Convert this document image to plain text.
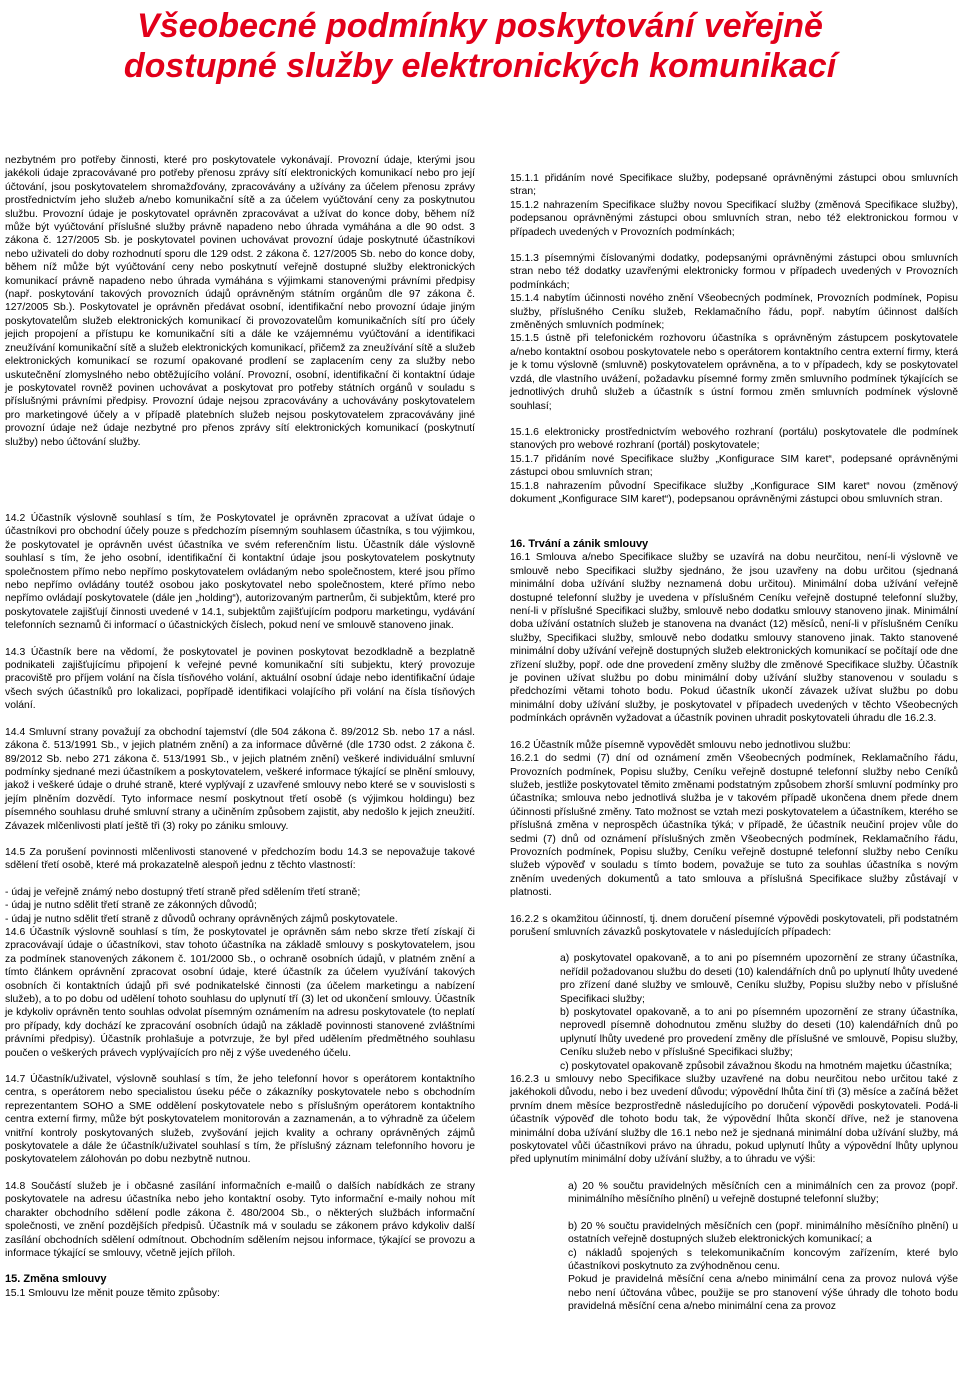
Všeobecné podmínky poskytování veřejně
dostupné služby elektronických komunikací

nezbytném pro potřeby činnosti, které pro poskytovatele vykonávají. Provozní údaje, kterými jsou jakékoli údaje zpracovávané pro potřeby přenosu zprávy sítí elektronických komunikací nebo pro její účtování, jsou poskytovatelem shromažďovány, zpracovávány a užívány za účelem přenosu zprávy prostřednictvím jeho služeb a/nebo komunikační sítě a za účelem vyúčtování ceny za poskytnutou službu. Provozní údaje je poskytovatel oprávněn zpracovávat a užívat do konce doby, během níž může být vyúčtování příslušné služby právně napadeno nebo úhrada vymáhána a dle 90 odst. 3 zákona č. 127/2005 Sb. je poskytovatel povinen uchovávat provozní údaje poskytnuté účastníkovi nebo uživateli do doby rozhodnutí sporu dle 129 odst. 2 zákona č. 127/2005 Sb. nebo do konce doby, během níž může být vyúčtování ceny nebo poskytnutí veřejně dostupné služby elektronických komunikací právně napadeno nebo úhrada vymáhána s výjimkami stanovenými právními předpisy (např. poskytování takových provozních údajů oprávněným státním orgánům dle 97 zákona č. 127/2005 Sb.). Poskytovatel je oprávněn předávat osobní, identifikační nebo provozní údaje jiným poskytovatelům služeb elektronických komunikací či provozovatelům komunikačních sítí pro účely jejich propojení a přístupu ke komunikační síti a dále ke vzájemnému vyúčtování a identifikaci zneužívání komunikační sítě a služeb elektronických komunikací, přičemž za zneužívání sítě a služeb elektronických komunikací se rozumí opakované prodlení se zaplacením ceny za služby nebo uskutečnění zlomyslného nebo obtěžujícího volání. Provozní, osobní, identifikační či kontaktní údaje je poskytovatel rovněž povinen uchovávat a poskytovat pro potřeby státních orgánů v souladu s příslušnými právními předpisy. Provozní údaje nejsou zpracovávány a uchovávány poskytovatelem pro marketingové účely a v případě platebních služeb nejsou poskytovatelem zpracovávány jiné provozní údaje než údaje nezbytné pro přenos zprávy sítí elektronických komunikací (poskytnutí služby) nebo účtování služby.

14.2 Účastník výslovně souhlasí s tím, že Poskytovatel je oprávněn zpracovat a užívat údaje o účastníkovi pro obchodní účely pouze s předchozím písemným souhlasem účastníka, s tou výjimkou, že poskytovatel je oprávněn uvést účastníka ve svém referenčním listu. Účastník dále výslovně souhlasí s tím, že jeho osobní, identifikační či kontaktní údaje jsou poskytovatelem poskytnuty společnostem přímo nebo nepřímo poskytovatelem ovládaným nebo společnostem, které jsou přímo nebo nepřímo ovládány toutéž osobou jako poskytovatel nebo společnostem, které přímo nebo nepřímo ovládají poskytovatele (dále jen „holding“), autorizovaným partnerům, či subjektům, které pro poskytovatele zajišťují činnosti uvedené v 14.1, subjektům zajišťujícím podporu marketingu, vydávání telefonních seznamů či informací o účastnických číslech, pokud není ve smlouvě stanoveno jinak.

14.3 Účastník bere na vědomí, že poskytovatel je povinen poskytovat bezodkladně a bezplatně podnikateli zajišťujícímu připojení k veřejné pevné komunikační síti subjektu, který provozuje pracoviště pro příjem volání na čísla tísňového volání, aktuální osobní údaje nebo identifikační údaje všech svých účastníků pro lokalizaci, popřípadě identifikaci volajícího při volání na čísla tísňových volání.

14.4 Smluvní strany považují za obchodní tajemství (dle 504 zákona č. 89/2012 Sb. nebo 17 a násl. zákona č. 513/1991 Sb., v jejich platném znění) a za informace důvěrné (dle 1730 odst. 2 zákona č. 89/2012 Sb. nebo 271 zákona č. 513/1991 Sb., v jejich platném znění) veškeré individuální smluvní podmínky sjednané mezi účastníkem a poskytovatelem, veškeré informace týkající se plnění smlouvy, jakož i veškeré údaje o druhé straně, které vyplývají z uzavřené smlouvy nebo které se v souvislosti s jejím plněním dozvědí. Tyto informace nesmí poskytnout třetí osobě (s výjimkou holdingu) bez písemného souhlasu druhé smluvní strany a učiněním způsobem zajistit, aby nedošlo k jejich zneužití. Závazek mlčenlivosti platí ještě tři (3) roky po zániku smlouvy.

14.5 Za porušení povinnosti mlčenlivosti stanovené v předchozím bodu 14.3 se nepovažuje takové sdělení třetí osobě, které má prokazatelně alespoň jednu z těchto vlastností:

- údaj je veřejně známý nebo dostupný třetí straně před sdělením třetí straně;

- údaj je nutno sdělit třetí straně ze zákonných důvodů;

- údaj je nutno sdělit třetí straně z důvodů ochrany oprávněných zájmů poskytovatele.

14.6 Účastník výslovně souhlasí s tím, že poskytovatel je oprávněn sám nebo skrze třetí získají či zpracovávají údaje o účastníkovi, stav tohoto účastníka na základě smlouvy s poskytovatelem, jsou za podmínek stanovených zákonem č. 101/2000 Sb., o ochraně osobních údajů, v platném znění a tímto článkem oprávnění zpracovat osobní údaje, které účastník za účelem využívání takových osobních či kontaktních údajů při své podnikatelské činnosti (za účelem marketingu a nabízení služeb), a to po dobu od udělení tohoto souhlasu do uplynutí tří (3) let od ukončení smlouvy. Účastník je kdykoliv oprávněn tento souhlas odvolat písemným oznámením na adresu poskytovatele (to neplatí pro případy, kdy dochází ke zpracování osobních údajů na základě povinnosti stanovené zvláštními právními předpisy). Účastník prohlašuje a potvrzuje, že byl před udělením předmětného souhlasu poučen o veškerých právech vyplývajících pro něj z výše uvedeného účelu.

14.7 Účastník/uživatel, výslovně souhlasí s tím, že jeho telefonní hovor s operátorem kontaktního centra, s operátorem nebo specialistou úseku péče o zákazníky poskytovatele nebo s obchodním reprezentantem SOHO a SME oddělení poskytovatele nebo s příslušným operátorem kontaktního centra externí firmy, může být poskytovatelem monitorován a zaznamenán, a to výhradně za účelem vnitřní kontroly poskytovaných služeb, zvyšování jejich kvality a ochrany oprávněných zájmů poskytovatele a dále že účastník/uživatel souhlasí s tím, že příslušný záznam telefonního hovoru je poskytovatelem zálohován po dobu nezbytně nutnou.

14.8 Součástí služeb je i občasné zasílání informačních e-mailů o dalších nabídkách ze strany poskytovatele na adresu účastníka nebo jeho kontaktní osoby. Tyto informační e-maily nohou mít charakter obchodního sdělení podle zákona č. 480/2004 Sb., o některých službách informační společnosti, ve znění pozdějších předpisů. Účastník má v souladu se zákonem právo kdykoliv další zasílání obchodních sdělení odmítnout. Obchodním sdělením nejsou informace, týkající se provozu a informace týkající se smlouvy, včetně jejích příloh.

15. Změna smlouvy

15.1 Smlouvu lze měnit pouze těmito způsoby:

15.1.1 přidáním nové Specifikace služby, podepsané oprávněnými zástupci obou smluvních stran;

15.1.2 nahrazením Specifikace služby novou Specifikací služby (změnová Specifikace služby), podepsanou oprávněnými zástupci obou smluvních stran, nebo též elektronickou formou v případech uvedených v Provozních podmínkách;

15.1.3 písemnými číslovanými dodatky, podepsanými oprávněnými zástupci obou smluvních stran nebo též dodatky uzavřenými elektronicky formou v případech uvedených v Provozních podmínkách;

15.1.4 nabytím účinnosti nového znění Všeobecných podmínek, Provozních podmínek, Popisu služby, příslušného Ceníku služeb, Reklamačního řádu, popř. nabytím účinnost dalších změněných smluvních podmínek;

15.1.5 ústně při telefonickém rozhovoru účastníka s oprávněným zástupcem poskytovatele a/nebo kontaktní osobou poskytovatele nebo s operátorem kontaktního centra externí firmy, která je k tomu výslovně (smluvně) poskytovatelem oprávněna, a to v případech, kdy se poskytovatel vzdá, dle vlastního uvážení, požadavku písemné formy změn smluvního podmínek týkajících se jednotlivých druhů služeb a účastník s ústní formou změn smluvních podmínek výslovně souhlasí;

15.1.6 elektronicky prostřednictvím webového rozhraní (portálu) poskytovatele dle podmínek stanových pro webové rozhraní (portál) poskytovatele;

15.1.7 přidáním nové Specifikace služby „Konfigurace SIM karet“, podepsané oprávněnými zástupci obou smluvních stran;

15.1.8 nahrazením původní Specifikace služby „Konfigurace SIM karet“ novou (změnový dokument „Konfigurace SIM karet“), podepsanou oprávněnými zástupci obou smluvních stran.

16. Trvání a zánik smlouvy

16.1 Smlouva a/nebo Specifikace služby se uzavírá na dobu neurčitou, není-li výslovně ve smlouvě nebo Specifikaci služby sjednáno, že jsou uzavřeny na dobu určitou (sjednaná minimální doba užívání služby neznamená dobu určitou). Minimální doba užívání veřejně dostupné telefonní služby je uvedena v příslušném Ceníku veřejně dostupné telefonní služby, není-li v příslušné Specifikaci služby, smlouvě nebo dodatku smlouvy stanoveno jinak. Minimální doba užívání ostatních služeb je stanovena na dvanáct (12) měsíců, není-li v příslušném Ceníku služby, Specifikaci služby, smlouvě nebo dodatku smlouvy stanoveno jinak. Takto stanovené minimální doby užívání veřejně dostupných služeb elektronických komunikací se počítají ode dne zřízení služby, popř. ode dne provedení změny služby dle změnové Specifikace služby. Účastník je povinen užívat službu po dobu minimální doby užívání služby stanovenou v souladu s předchozími větami tohoto bodu. Pokud účastník ukončí závazek užívat službu po dobu minimální doby užívání služby, je poskytovatel v případech uvedených v těchto Všeobecných podmínkách oprávněn vyžadovat a účastník povinen uhradit poskytovateli úhradu dle 16.2.3.

16.2 Účastník může písemně vypovědět smlouvu nebo jednotlivou službu:

16.2.1 do sedmi (7) dní od oznámení změn Všeobecných podmínek, Reklamačního řádu, Provozních podmínek, Popisu služby, Ceníku veřejně dostupné telefonní služby nebo Ceníků služeb, jestliže poskytovatel těmito změnami podstatným způsobem zhorší smluvní podmínky pro účastníka; smlouva nebo jednotlivá služba je v takovém případě ukončena dnem přede dnem účinnosti příslušné změny. Tato možnost se vztah mezi poskytovatelem a účastníkem, kterého se příslušná změna v neprospěch účastníka týká; v případě, že účastník neučiní projev vůle do sedmi (7) dnů od oznámení příslušných změn Všeobecných podmínek, Reklamačního řádu, Provozních podmínek, Popisu služby, Ceníku veřejně dostupné telefonní služby nebo Ceníku služeb výpověď v souladu s tímto bodem, považuje se tuto za souhlas účastníka s novým zněním uvedených dokumentů a tato smlouva a příslušná Specifikace služby zůstávají v platnosti.

16.2.2 s okamžitou účinností, tj. dnem doručení písemné výpovědi poskytovateli, při podstatném porušení smluvních závazků poskytovatele v následujících případech:

a) poskytovatel opakovaně, a to ani po písemném upozornění ze strany účastníka, neřídil požadovanou službu do deseti (10) kalendářních dnů po uplynutí lhůty uvedené pro zřízení dané služby ve smlouvě, Ceníku služby, Popisu služby nebo v příslušné Specifikaci služby;

b) poskytovatel opakovaně, a to ani po písemném upozornění ze strany účastníka, neprovedl písemně dohodnutou změnu služby do deseti (10) kalendářních dnů po uplynutí lhůty uvedené pro provedení změny dle příslušné ve smlouvě, Popisu služby, Ceníku služeb nebo v příslušné Specifikaci služby;

c) poskytovatel opakovaně způsobil závažnou škodu na hmotném majetku účastníka;

16.2.3 u smlouvy nebo Specifikace služby uzavřené na dobu neurčitou nebo určitou také z jakéhokoli důvodu, nebo i bez uvedení důvodu; výpovědní lhůta činí tři (3) měsíce a začíná běžet prvním dnem měsíce bezprostředně následujícího po doručení výpovědi poskytovateli. Podá-li účastník výpověď dle tohoto bodu tak, že výpovědní lhůta skončí dříve, než je stanovena minimální doba užívání služby dle 16.1 nebo než je sjednaná minimální doba užívání služby, má poskytovatel vůči účastníkovi právo na úhradu, pokud uplynutí lhůty a výpovědní lhůty uplynou před uplynutím minimální doby užívání služby, a to úhradu ve výši:

a) 20 % součtu pravidelných měsíčních cen a minimálních cen za provoz (popř. minimálního měsíčního plnění) u veřejně dostupné telefonní služby;

b) 20 % součtu pravidelných měsíčních cen (popř. minimálního měsíčního plnění) u ostatních veřejně dostupných služeb elektronických komunikací; a

c) nákladů spojených s telekomunikačním koncovým zařízením, které bylo účastníkovi poskytnuto za zvýhodněnou cenu.

Pokud je pravidelná měsíční cena a/nebo minimální cena za provoz nulová výše nebo není účtována vůbec, použije se pro stanovení výše úhrady dle tohoto bodu pravidelná měsíční cena a/nebo minimální cena za provoz
